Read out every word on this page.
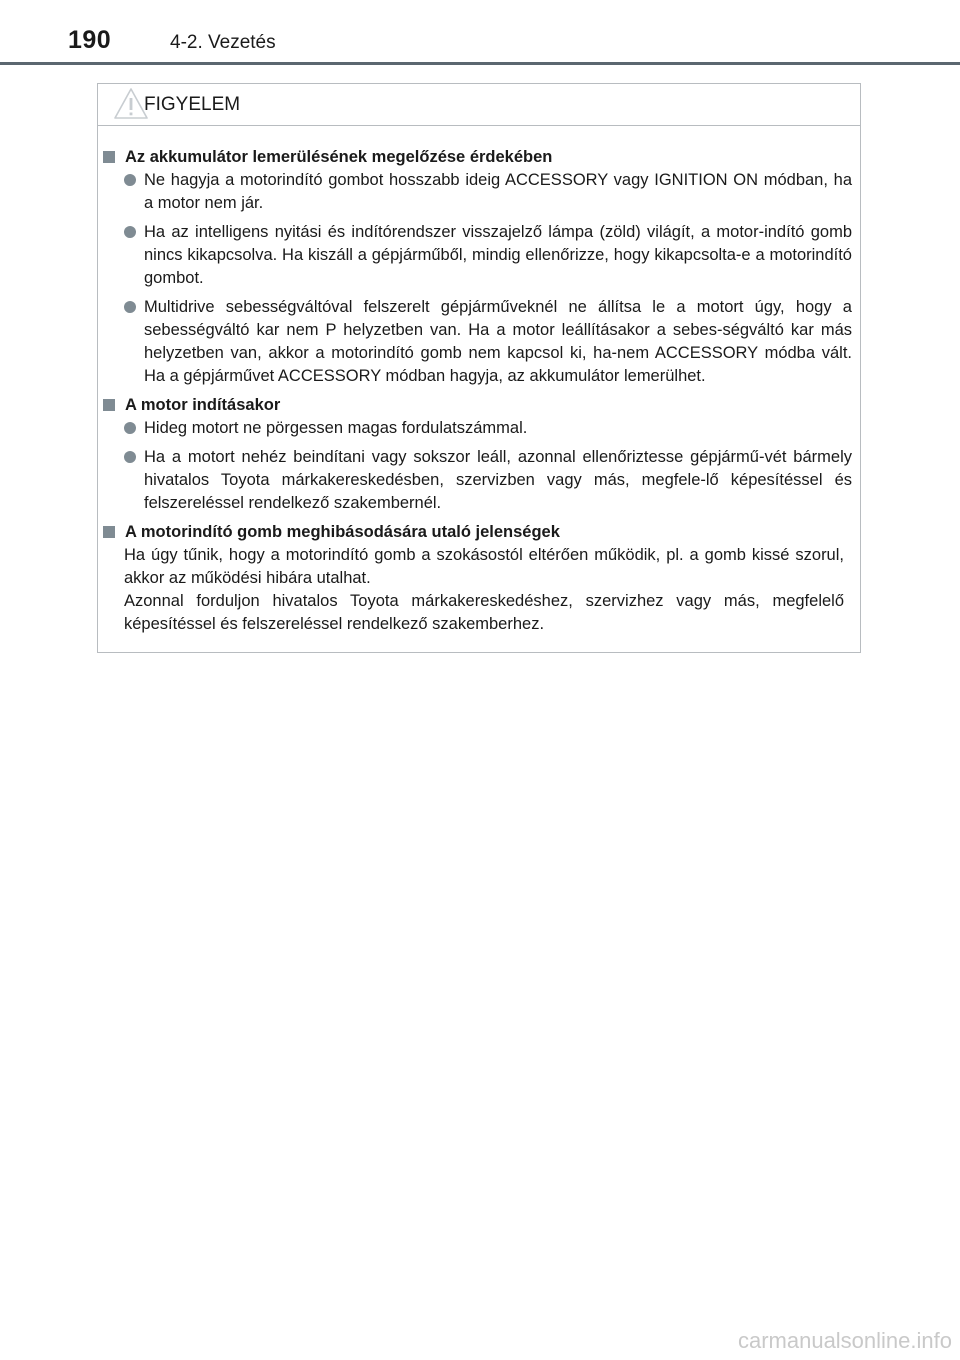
190	4-2. Vezetés
FIGYELEM
Az akkumulátor lemerülésének megelőzése érdekében
Ne hagyja a motorindító gombot hosszabb ideig ACCESSORY vagy IGNITION ON módban, ha a motor nem jár.
Ha az intelligens nyitási és indítórendszer visszajelző lámpa (zöld) világít, a motor-indító gomb nincs kikapcsolva. Ha kiszáll a gépjárműből, mindig ellenőrizze, hogy kikapcsolta-e a motorindító gombot.
Multidrive sebességváltóval felszerelt gépjárműveknél ne állítsa le a motort úgy, hogy a sebességváltó kar nem P helyzetben van. Ha a motor leállításakor a sebes-ségváltó kar más helyzetben van, akkor a motorindító gomb nem kapcsol ki, ha-nem ACCESSORY módba vált. Ha a gépjárművet ACCESSORY módban hagyja, az akkumulátor lemerülhet.
A motor indításakor
Hideg motort ne pörgessen magas fordulatszámmal.
Ha a motort nehéz beindítani vagy sokszor leáll, azonnal ellenőriztesse gépjármű-vét bármely hivatalos Toyota márkakereskedésben, szervizben vagy más, megfele-lő képesítéssel és felszereléssel rendelkező szakembernél.
A motorindító gomb meghibásodására utaló jelenségek
Ha úgy tűnik, hogy a motorindító gomb a szokásostól eltérően működik, pl. a gomb kissé szorul, akkor az működési hibára utalhat.
Azonnal forduljon hivatalos Toyota márkakereskedéshez, szervizhez vagy más, megfelelő képesítéssel és felszereléssel rendelkező szakemberhez.
carmanualsonline.info
